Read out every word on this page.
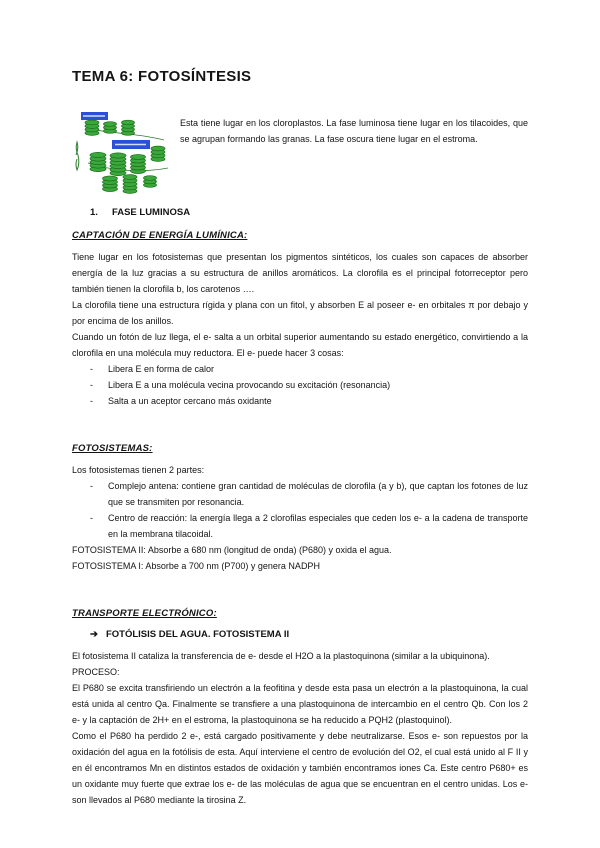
TEMA 6: FOTOSÍNTESIS

Esta tiene lugar en los cloroplastos. La fase luminosa tiene lugar en los tilacoides, que se agrupan formando las granas. La fase oscura tiene lugar en el estroma.

1. FASE LUMINOSA
CAPTACIÓN DE ENERGÍA LUMÍNICA:

Tiene lugar en los fotosistemas que presentan los pigmentos sintéticos, los cuales son capaces de absorber energía de la luz gracias a su estructura de anillos aromáticos. La clorofila es el principal fotorreceptor pero también tienen la clorofila b, los carotenos ….

La clorofila tiene una estructura rígida y plana con un fitol, y absorben E al poseer e- en orbitales π por debajo y por encima de los anillos.

Cuando un fotón de luz llega, el e- salta a un orbital superior aumentando su estado energético, convirtiendo a la clorofila en una molécula muy reductora. El e- puede hacer 3 cosas:

-	Libera E en forma de calor
-	Libera E a una molécula vecina provocando su excitación (resonancia)
-	Salta a un aceptor cercano más oxidante
FOTOSISTEMAS:

Los fotosistemas tienen 2 partes:

-	Complejo antena: contiene gran cantidad de moléculas de clorofila (a y b), que captan los fotones de luz que se transmiten por resonancia.
-	Centro de reacción: la energía llega a 2 clorofilas especiales que ceden los e- a la cadena de transporte en la membrana tilacoidal.

FOTOSISTEMA II: Absorbe a 680 nm (longitud de onda) (P680) y oxida el agua.

FOTOSISTEMA I: Absorbe a 700 nm (P700) y genera NADPH

TRANSPORTE ELECTRÓNICO:
➔ FOTÓLISIS DEL AGUA. FOTOSISTEMA II

El fotosistema II cataliza la transferencia de e- desde el H2O a la plastoquinona (similar a la ubiquinona).

PROCESO:

El P680 se excita transfiriendo un electrón a la feofitina y desde esta pasa un electrón a la plastoquinona, la cual está unida al centro Qa. Finalmente se transfiere a una plastoquinona de intercambio en el centro Qb. Con los 2 e- y la captación de 2H+ en el estroma, la plastoquinona se ha reducido a PQH2 (plastoquinol).

Como el P680 ha perdido 2 e-, está cargado positivamente y debe neutralizarse. Esos e- son repuestos por la oxidación del agua en la fotólisis de esta. Aquí interviene el centro de evolución del O2, el cual está unido al F II y en él encontramos Mn en distintos estados de oxidación y también encontramos iones Ca. Este centro P680+ es un oxidante muy fuerte que extrae los e- de las moléculas de agua que se encuentran en el centro unidas. Los e- son llevados al P680 mediante la tirosina Z.
